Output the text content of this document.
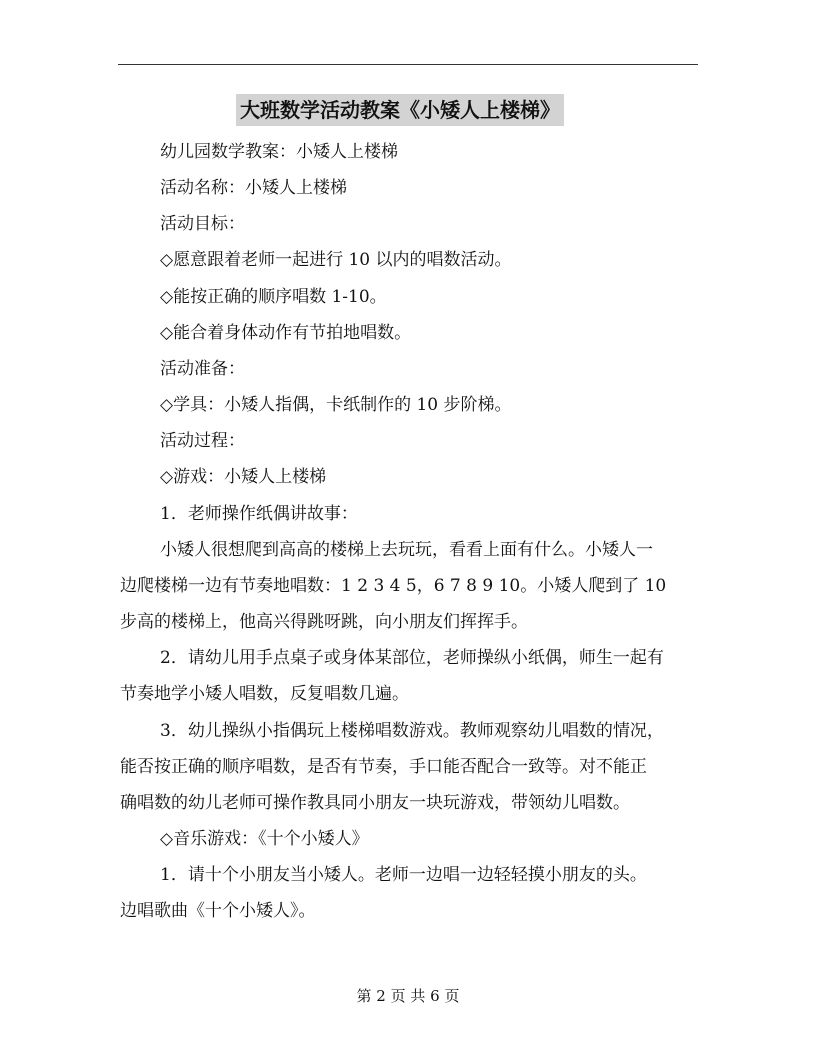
大班数学活动教案《小矮人上楼梯》
幼儿园数学教案：小矮人上楼梯
活动名称：小矮人上楼梯
活动目标：
◇愿意跟着老师一起进行 10 以内的唱数活动。
◇能按正确的顺序唱数 1-10。
◇能合着身体动作有节拍地唱数。
活动准备：
◇学具：小矮人指偶，卡纸制作的 10 步阶梯。
活动过程：
◇游戏：小矮人上楼梯
1．老师操作纸偶讲故事：
小矮人很想爬到高高的楼梯上去玩玩，看看上面有什么。小矮人一
边爬楼梯一边有节奏地唱数：1 2 3 4 5，6 7 8 9 10。小矮人爬到了 10
步高的楼梯上，他高兴得跳呀跳，向小朋友们挥挥手。
2．请幼儿用手点桌子或身体某部位，老师操纵小纸偶，师生一起有
节奏地学小矮人唱数，反复唱数几遍。
3．幼儿操纵小指偶玩上楼梯唱数游戏。教师观察幼儿唱数的情况，
能否按正确的顺序唱数，是否有节奏，手口能否配合一致等。对不能正
确唱数的幼儿老师可操作教具同小朋友一块玩游戏，带领幼儿唱数。
◇音乐游戏：《十个小矮人》
1．请十个小朋友当小矮人。老师一边唱一边轻轻摸小朋友的头。
边唱歌曲《十个小矮人》。
第 2 页 共 6 页
